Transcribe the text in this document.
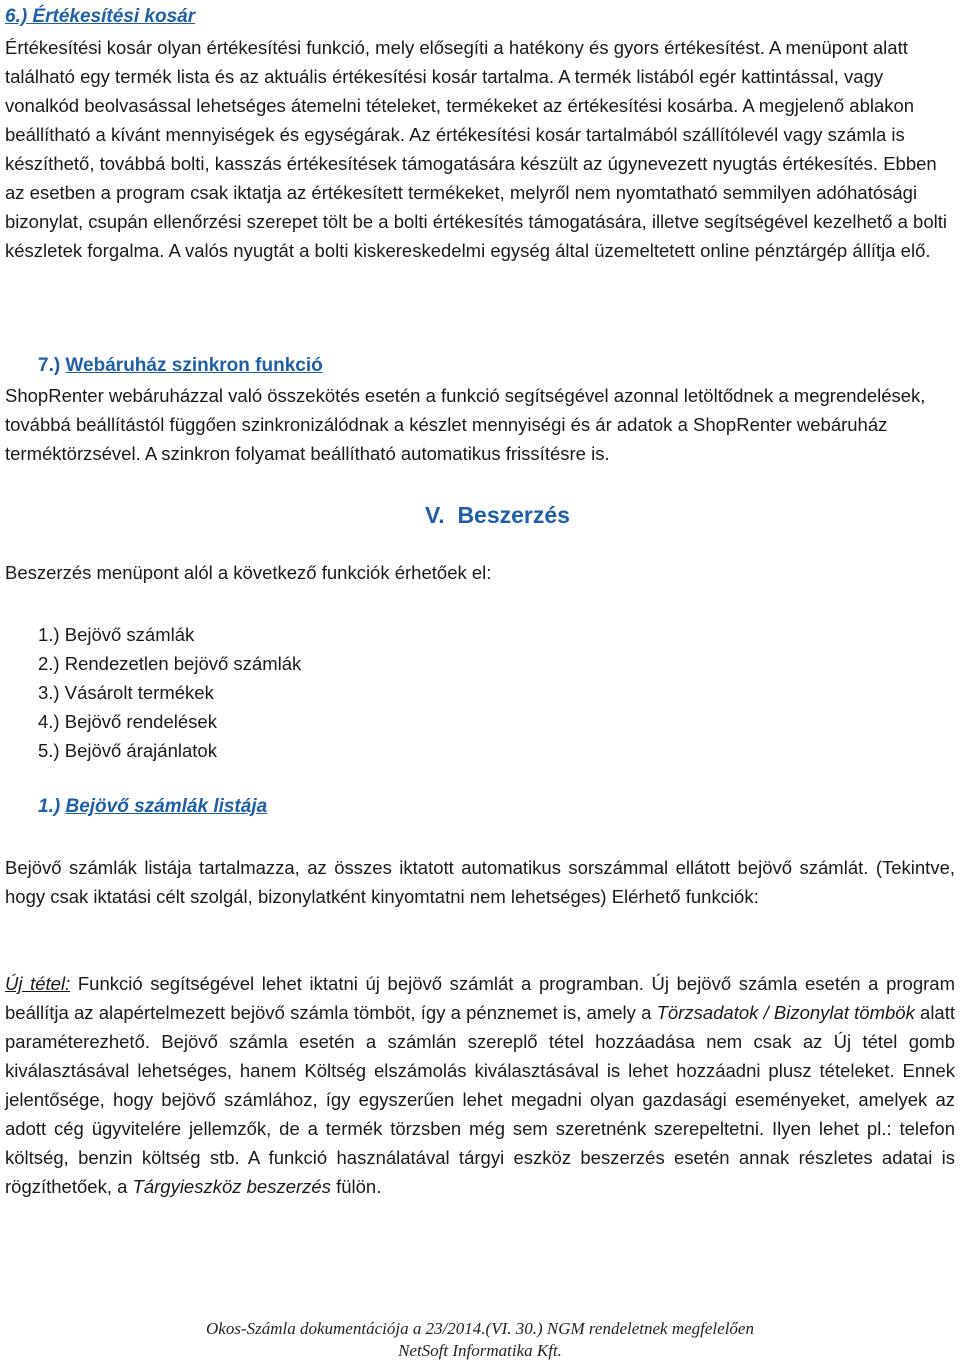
6.) Értékesítési kosár

Értékesítési kosár olyan értékesítési funkció, mely elősegíti a hatékony és gyors értékesítést. A menüpont alatt található egy termék lista és az aktuális értékesítési kosár tartalma. A termék listából egér kattintással, vagy vonalkód beolvasással lehetséges átemelni tételeket, termékeket az értékesítési kosárba. A megjelenő ablakon beállítható a kívánt mennyiségek és egységárak. Az értékesítési kosár tartalmából szállítólevél vagy számla is készíthető, továbbá bolti, kasszás értékesítések támogatására készült az úgynevezett nyugtás értékesítés. Ebben az esetben a program csak iktatja az értékesített termékeket, melyről nem nyomtatható semmilyen adóhatósági bizonylat, csupán ellenőrzési szerepet tölt be a bolti értékesítés támogatására, illetve segítségével kezelhető a bolti készletek forgalma. A valós nyugtát a bolti kiskereskedelmi egység által üzemeltetett online pénztárgép állítja elő.

7.) Webáruház szinkron funkció

ShopRenter webáruházzal való összekötés esetén a funkció segítségével azonnal letöltődnek a megrendelések, továbbá beállítástól függően szinkronizálódnak a készlet mennyiségi és ár adatok a ShopRenter webáruház terméktörzsével. A szinkron folyamat beállítható automatikus frissítésre is.

V. Beszerzés
Beszerzés menüpont alól a következő funkciók érhetőek el:
1.) Bejövő számlák
2.) Rendezetlen bejövő számlák
3.) Vásárolt termékek
4.) Bejövő rendelések
5.) Bejövő árajánlatok
1.) Bejövő számlák listája

Bejövő számlák listája tartalmazza, az összes iktatott automatikus sorszámmal ellátott bejövő számlát. (Tekintve, hogy csak iktatási célt szolgál, bizonylatként kinyomtatni nem lehetséges) Elérhető funkciók:

Új tétel: Funkció segítségével lehet iktatni új bejövő számlát a programban. Új bejövő számla esetén a program beállítja az alapértelmezett bejövő számla tömböt, így a pénznemet is, amely a Törzsadatok / Bizonylat tömbök alatt paraméterezhető. Bejövő számla esetén a számlán szereplő tétel hozzáadása nem csak az Új tétel gomb kiválasztásával lehetséges, hanem Költség elszámolás kiválasztásával is lehet hozzáadni plusz tételeket. Ennek jelentősége, hogy bejövő számlához, így egyszerűen lehet megadni olyan gazdasági eseményeket, amelyek az adott cég ügyvitelére jellemzők, de a termék törzsben még sem szeretnénk szerepeltetni. Ilyen lehet pl.: telefon költség, benzin költség stb. A funkció használatával tárgyi eszköz beszerzés esetén annak részletes adatai is rögzíthetőek, a Tárgyieszköz beszerzés fülön.

Okos-Számla dokumentációja a 23/2014.(VI. 30.) NGM rendeletnek megfelelően
NetSoft Informatika Kft.
